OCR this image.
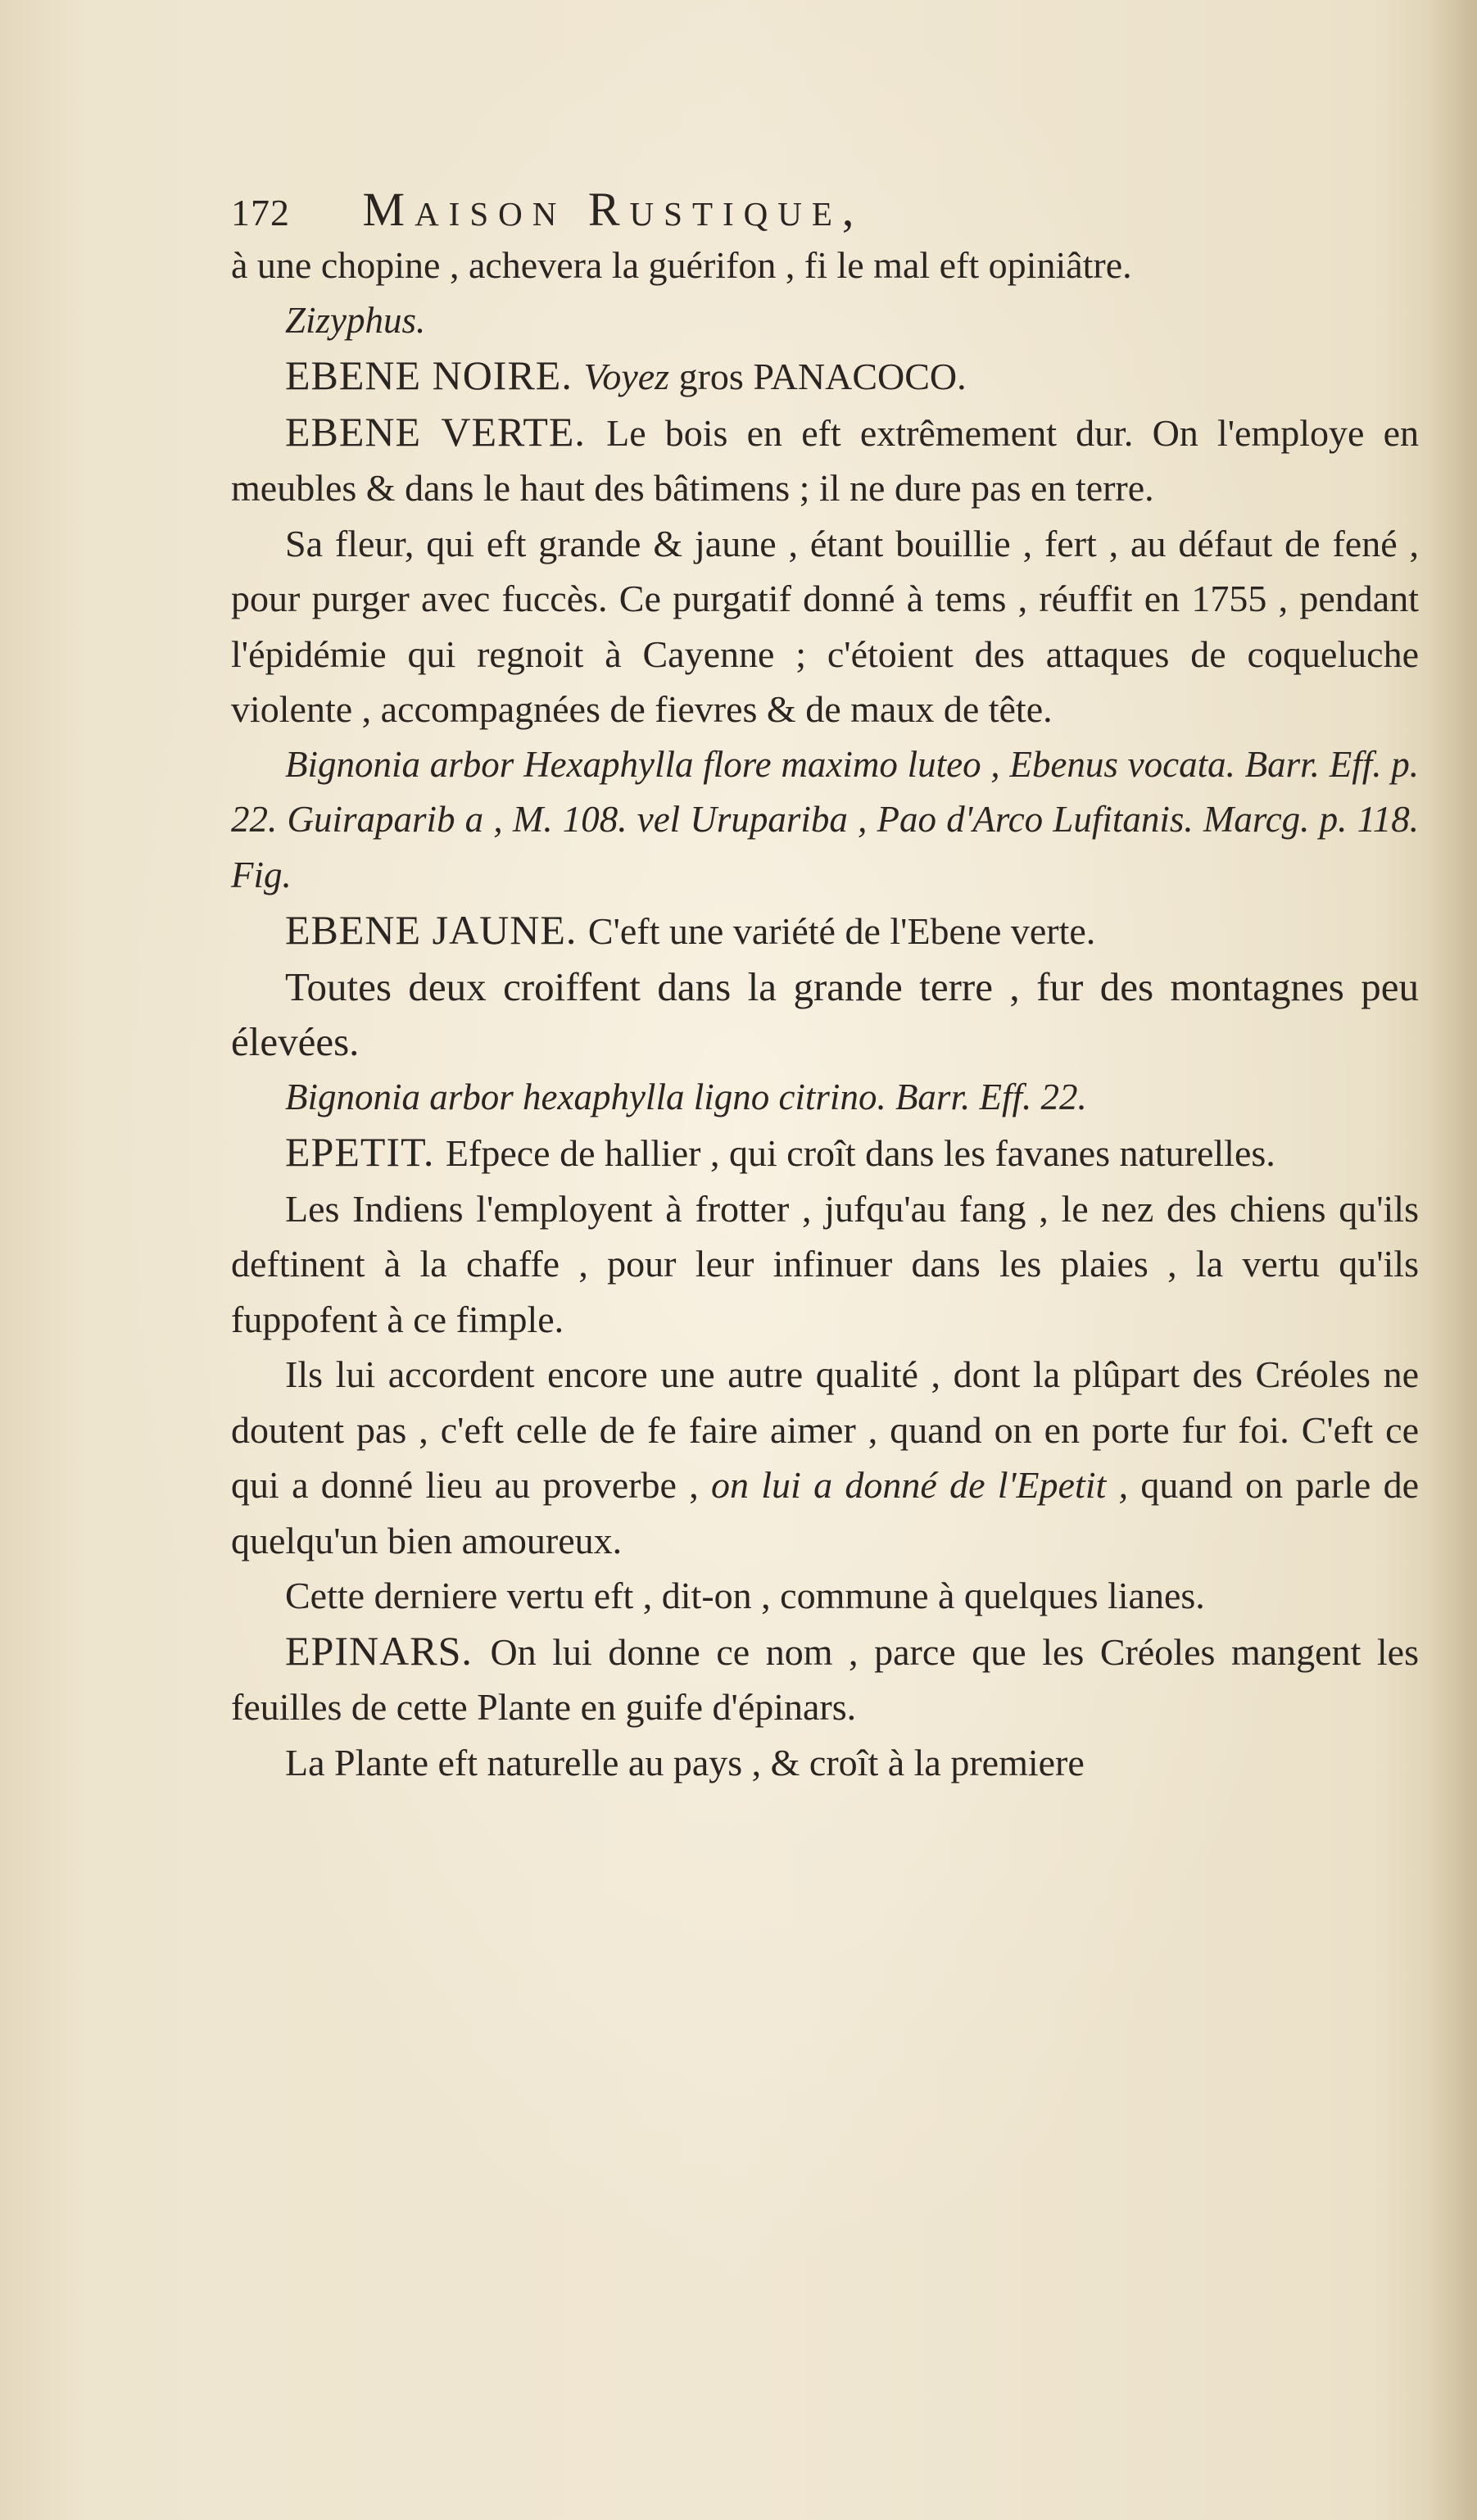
172 Maison Rustique,

à une chopine , achevera la guérifon , fi le mal eft opiniâtre.

Zizyphus.

EBENE NOIRE. Voyez gros PANACOCO.

EBENE VERTE. Le bois en eft extrêmement dur. On l'employe en meubles & dans le haut des bâtimens ; il ne dure pas en terre.

Sa fleur, qui eft grande & jaune , étant bouillie , fert , au défaut de fené , pour purger avec fuccès. Ce purgatif donné à tems , réuffit en 1755 , pendant l'épidémie qui regnoit à Cayenne ; c'étoient des attaques de coqueluche violente , accompagnées de fievres & de maux de tête.

Bignonia arbor Hexaphylla flore maximo luteo , Ebenus vocata. Barr. Eff. p. 22. Guiraparib a , M. 108. vel Urupariba , Pao d'Arco Lufitanis. Marcg. p. 118. Fig.

EBENE JAUNE. C'eft une variété de l'Ebene verte.

Toutes deux croiffent dans la grande terre , fur des montagnes peu élevées.

Bignonia arbor hexaphylla ligno citrino. Barr. Eff. 22.

EPETIT. Efpece de hallier , qui croît dans les favanes naturelles.

Les Indiens l'employent à frotter , jufqu'au fang , le nez des chiens qu'ils deftinent à la chaffe , pour leur infinuer dans les plaies , la vertu qu'ils fuppofent à ce fimple.

Ils lui accordent encore une autre qualité , dont la plûpart des Créoles ne doutent pas , c'eft celle de fe faire aimer , quand on en porte fur foi. C'eft ce qui a donné lieu au proverbe , on lui a donné de l'Epetit , quand on parle de quelqu'un bien amoureux.

Cette derniere vertu eft , dit-on , commune à quelques lianes.

EPINARS. On lui donne ce nom , parce que les Créoles mangent les feuilles de cette Plante en guife d'épinars.

La Plante eft naturelle au pays , & croît à la premiere
